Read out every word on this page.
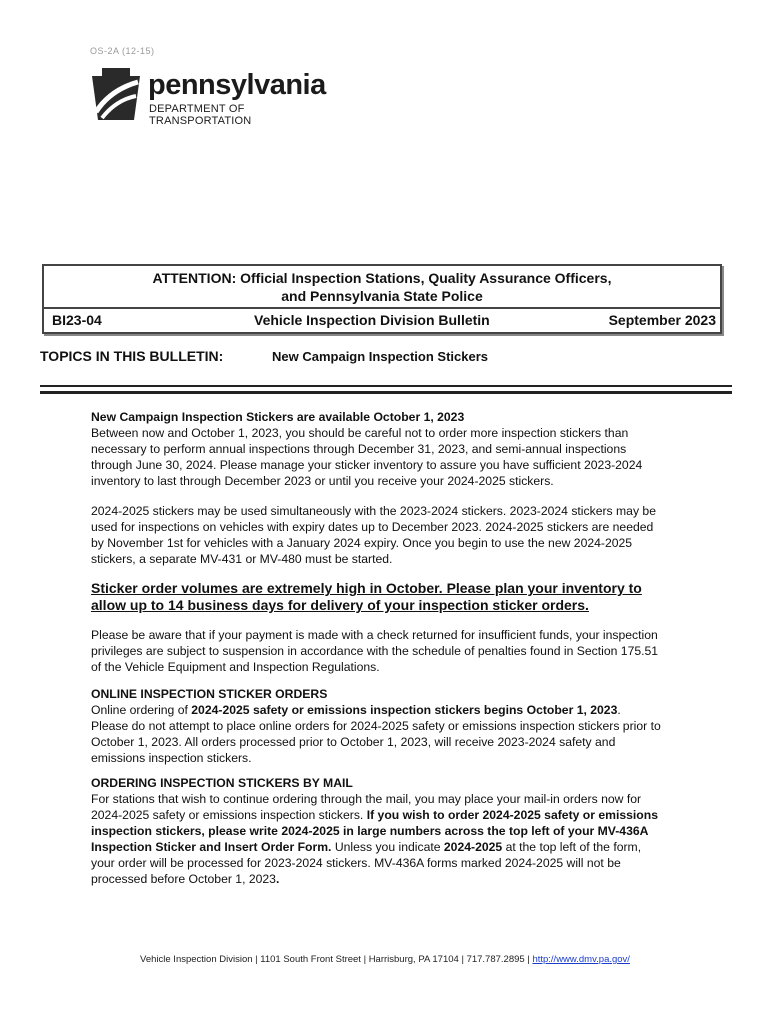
OS-2A (12-15)
pennsylvania
DEPARTMENT OF TRANSPORTATION
ATTENTION: Official Inspection Stations, Quality Assurance Officers,
and Pennsylvania State Police
BI23-04	Vehicle Inspection Division Bulletin	September 2023
TOPICS IN THIS BULLETIN:	New Campaign Inspection Stickers
New Campaign Inspection Stickers are available October 1, 2023
Between now and October 1, 2023, you should be careful not to order more inspection stickers than necessary to perform annual inspections through December 31, 2023, and semi-annual inspections through June 30, 2024. Please manage your sticker inventory to assure you have sufficient 2023-2024 inventory to last through December 2023 or until you receive your 2024-2025 stickers.
2024-2025 stickers may be used simultaneously with the 2023-2024 stickers. 2023-2024 stickers may be used for inspections on vehicles with expiry dates up to December 2023. 2024-2025 stickers are needed by November 1st for vehicles with a January 2024 expiry. Once you begin to use the new 2024-2025 stickers, a separate MV-431 or MV-480 must be started.
Sticker order volumes are extremely high in October. Please plan your inventory to allow up to 14 business days for delivery of your inspection sticker orders.
Please be aware that if your payment is made with a check returned for insufficient funds, your inspection privileges are subject to suspension in accordance with the schedule of penalties found in Section 175.51 of the Vehicle Equipment and Inspection Regulations.
ONLINE INSPECTION STICKER ORDERS
Online ordering of 2024-2025 safety or emissions inspection stickers begins October 1, 2023. Please do not attempt to place online orders for 2024-2025 safety or emissions inspection stickers prior to October 1, 2023. All orders processed prior to October 1, 2023, will receive 2023-2024 safety and emissions inspection stickers.
ORDERING INSPECTION STICKERS BY MAIL
For stations that wish to continue ordering through the mail, you may place your mail-in orders now for 2024-2025 safety or emissions inspection stickers. If you wish to order 2024-2025 safety or emissions inspection stickers, please write 2024-2025 in large numbers across the top left of your MV-436A Inspection Sticker and Insert Order Form. Unless you indicate 2024-2025 at the top left of the form, your order will be processed for 2023-2024 stickers. MV-436A forms marked 2024-2025 will not be processed before October 1, 2023.
Vehicle Inspection Division | 1101 South Front Street | Harrisburg, PA 17104 | 717.787.2895 | http://www.dmv.pa.gov/
